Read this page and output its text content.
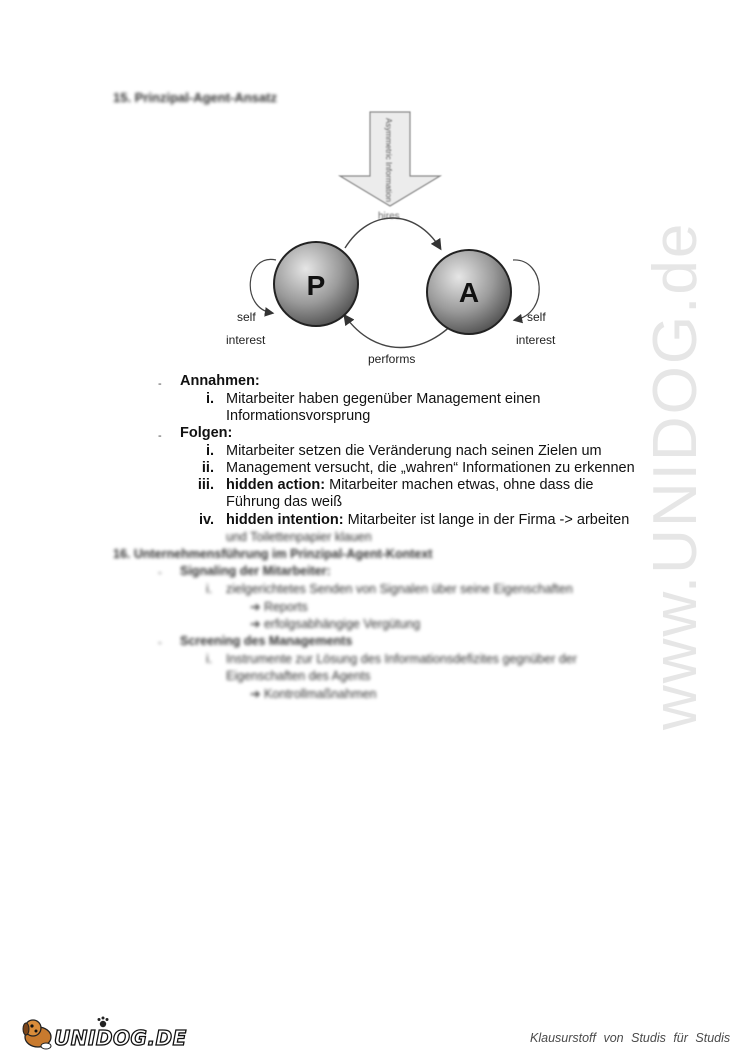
www.UNIDOG.de
15. Prinzipal-Agent-Ansatz
Asymmetric Information
hires
P	A
self
interest
self
interest
performs
- Annahmen:
i. Mitarbeiter haben gegenüber Management einen
Informationsvorsprung
- Folgen:
i. Mitarbeiter setzen die Veränderung nach seinen Zielen um
ii. Management versucht, die „wahren“ Informationen zu erkennen
iii. hidden action: Mitarbeiter machen etwas, ohne dass die
Führung das weiß
iv. hidden intention: Mitarbeiter ist lange in der Firma -> arbeiten
und Toilettenpapier klauen
16. Unternehmensführung im Prinzipal-Agent-Kontext
- Signaling der Mitarbeiter:
i. zielgerichtetes Senden von Signalen über seine Eigenschaften
➔ Reports
➔ erfolgsabhängige Vergütung
- Screening des Managements
i. Instrumente zur Lösung des Informationsdefizites gegnüber der
Eigenschaften des Agents
➔ Kontrollmaßnahmen
UNIDOG.DE	Klausurstoff von Studis für Studis
